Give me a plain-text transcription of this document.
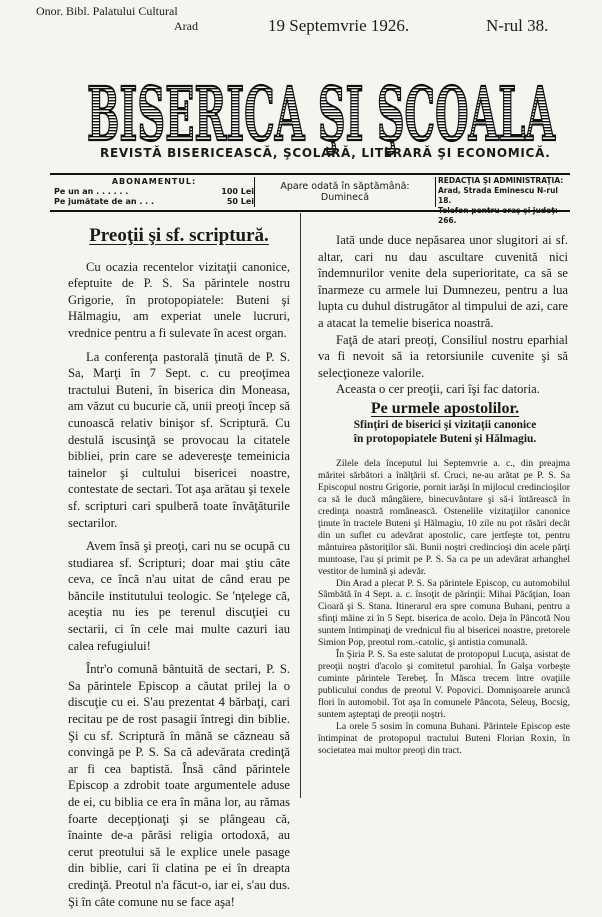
Onor. Bibl. Palatului Cultural
Arad	19 Septemvrie 1926.	N-rul 38.
BISERICA ŞI ŞCOALA
REVISTĂ BISERICEASCĂ, ŞCOLARĂ, LITERARĂ ŞI ECONOMICĂ.
ABONAMENTUL:
Pe un an . . . . . .	100 Lei
Pe jumătate de an . . .	50 Lei
Apare odată în săptămână: Duminecă
REDACŢIA ŞI ADMINISTRAŢIA:
Arad, Strada Eminescu N-rul 18.
Telefon pentru oraş şi judeţ: 266.

Preoţii şi sf. scriptură.

Cu ocazia recentelor vizitaţii canonice, efeptuite de P. S. Sa părintele nostru Grigorie, în protopopiatele: Buteni şi Hălmagiu, am experiat unele lucruri, vrednice pentru a fi sulevate în acest organ.

La conferenţa pastorală ţinută de P. S. Sa, Marţi în 7 Sept. c. cu preoţimea tractului Buteni, în biserica din Moneasa, am văzut cu bucurie că, unii preoţi încep să cunoască relativ binişor sf. Scriptură. Cu destulă iscusinţă se provocau la citatele bibliei, prin care se adeveresţe temeinicia tainelor şi cultului bisericei noastre, contestate de sectari. Tot aşa arătau şi texele sf. scripturi cari spulberă toate învăţăturile sectarilor.

Avem însă şi preoţi, cari nu se ocupă cu studiarea sf. Scripturi; doar mai ştiu câte ceva, ce încă n'au uitat de când erau pe băncile institutului teologic. Se 'nţelege că, aceştia nu ies pe terenul discuţiei cu sectarii, ci în cele mai multe cazuri iau calea refugiului!

Într'o comună bântuită de sectari, P. S. Sa părintele Episcop a căutat prilej la o discuţie cu ei. S'au prezentat 4 bărbaţi, cari recitau pe de rost pasagii întregi din biblie. Şi cu sf. Scriptură în mână se căzneau să convingă pe P. S. Sa că adevărata credinţă ar fi cea baptistă. Însă când părintele Episcop a zdrobit toate argumentele aduse de ei, cu biblia ce era în mâna lor, au rămas foarte decepţionaţi şi se plângeau că, înainte de-a părăsi religia ortodoxă, au cerut preotului să le explice unele pasage din biblie, cari îi clatina pe ei în dreapta credinţă. Preotul n'a făcut-o, iar ei, s'au dus. Şi în câte comune nu se face aşa!

Iată unde duce nepăsarea unor slugitori ai sf. altar, cari nu dau ascultare cuvenită nici îndemnurilor venite dela superioritate, ca să se înarmeze cu armele lui Dumnezeu, pentru a lua lupta cu duhul distrugător al timpului de azi, care a atacat la temelie biserica noastră.

Faţă de atari preoţi, Consiliul nostru eparhial va fi nevoit să ia retorsiunile cuvenite şi să selecţioneze valorile.

Aceasta o cer preoţii, cari îşi fac datoria.

Pe urmele apostolilor.
Sfinţiri de biserici şi vizitaţii canonice
în protopopiatele Buteni şi Hălmagiu.

Zilele dela începutul lui Septemvrie a. c., din preajma măritei sărbători a înălţării sf. Cruci, ne-au arătat pe P. S. Sa Episcopul nostru Grigorie, pornit iarăşi în mijlocul credincioşilor ca să le ducă mângâiere, binecuvântare şi să-i întărească în credinţa noastră românească. Ostenelile vizitaţiilor canonice ţinute în tractele Buteni şi Hălmagiu, 10 zile nu pot răsări decât din un suflet cu adevărat apostolic, care jertfeşte tot, pentru mântuirea păstoriţilor săi. Bunii noştri credincioşi din acele părţi muntoase, l'au şi primit pe P. S. Sa ca pe un adevărat arhanghel vestitor de lumină şi adevăr.

Din Arad a plecat P. S. Sa părintele Episcop, cu automobilul Sâmbătă în 4 Sept. a. c. însoţit de părinţii: Mihai Păcăţian, Ioan Cioară şi S. Stana. Itinerarul era spre comuna Buhani, pentru a sfinţi mâine zi în 5 Sept. biserica de acolo. Deja în Pâncotă Nou suntem întimpinaţi de vrednicul fiu al bisericei noastre, pretorele Simion Pop, preotul rom.-catolic, şi antistia comunală.

În Şiria P. S. Sa este salutat de protopopul Lucuţa, asistat de preoţii noştri d'acolo şi comitetul parohial. În Galşa vorbeşte cuminte părintele Terebeţ. În Măsca trecem între ovaţiile publicului condus de preotul V. Popovici. Domnişoarele aruncă flori în automobil. Tot aşa în comunele Pâncota, Seleuş, Bocsig, suntem aşteptaţi de preoţii noştri.

La orele 5 sosim în comuna Buhani. Părintele Episcop este întimpinat de protopopul tractului Buteni Florian Roxin, în societatea mai multor preoţi din tract.
